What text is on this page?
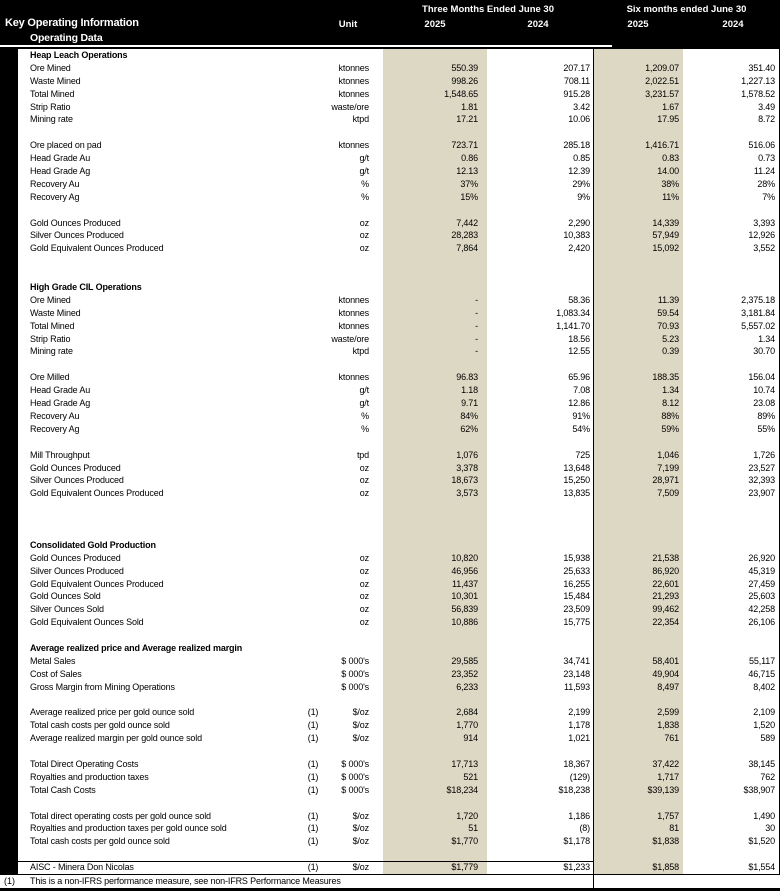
Key Operating Information
Operating Data
Unit
Three Months Ended June 30	Six months ended June 30
2025	2024	2025	2024
Heap Leach Operations
Ore Mined	ktonnes	550.39	207.17	1,209.07	351.40
Waste Mined	ktonnes	998.26	708.11	2,022.51	1,227.13
Total Mined	ktonnes	1,548.65	915.28	3,231.57	1,578.52
Strip Ratio	waste/ore	1.81	3.42	1.67	3.49
Mining rate	ktpd	17.21	10.06	17.95	8.72
Ore placed on pad	ktonnes	723.71	285.18	1,416.71	516.06
Head Grade Au	g/t	0.86	0.85	0.83	0.73
Head Grade Ag	g/t	12.13	12.39	14.00	11.24
Recovery Au	%	37%	29%	38%	28%
Recovery Ag	%	15%	9%	11%	7%
Gold Ounces Produced	oz	7,442	2,290	14,339	3,393
Silver Ounces Produced	oz	28,283	10,383	57,949	12,926
Gold Equivalent Ounces Produced	oz	7,864	2,420	15,092	3,552
High Grade CIL Operations
Ore Mined	ktonnes	-	58.36	11.39	2,375.18
Waste Mined	ktonnes	-	1,083.34	59.54	3,181.84
Total Mined	ktonnes	-	1,141.70	70.93	5,557.02
Strip Ratio	waste/ore	-	18.56	5.23	1.34
Mining rate	ktpd	-	12.55	0.39	30.70
Ore Milled	ktonnes	96.83	65.96	188.35	156.04
Head Grade Au	g/t	1.18	7.08	1.34	10.74
Head Grade Ag	g/t	9.71	12.86	8.12	23.08
Recovery Au	%	84%	91%	88%	89%
Recovery Ag	%	62%	54%	59%	55%
Mill Throughput	tpd	1,076	725	1,046	1,726
Gold Ounces Produced	oz	3,378	13,648	7,199	23,527
Silver Ounces Produced	oz	18,673	15,250	28,971	32,393
Gold Equivalent Ounces Produced	oz	3,573	13,835	7,509	23,907
Consolidated Gold Production
Gold Ounces Produced	oz	10,820	15,938	21,538	26,920
Silver Ounces Produced	oz	46,956	25,633	86,920	45,319
Gold Equivalent Ounces Produced	oz	11,437	16,255	22,601	27,459
Gold Ounces Sold	oz	10,301	15,484	21,293	25,603
Silver Ounces Sold	oz	56,839	23,509	99,462	42,258
Gold Equivalent Ounces Sold	oz	10,886	15,775	22,354	26,106
Average realized price and Average realized margin
Metal Sales	$ 000's	29,585	34,741	58,401	55,117
Cost of Sales	$ 000's	23,352	23,148	49,904	46,715
Gross Margin from Mining Operations	$ 000's	6,233	11,593	8,497	8,402
Average realized price per gold ounce sold	(1)	$/oz	2,684	2,199	2,599	2,109
Total cash costs per gold ounce sold	(1)	$/oz	1,770	1,178	1,838	1,520
Average realized margin per gold ounce sold	(1)	$/oz	914	1,021	761	589
Total Direct Operating Costs	(1)	$ 000's	17,713	18,367	37,422	38,145
Royalties and production taxes	(1)	$ 000's	521	(129)	1,717	762
Total Cash Costs	(1)	$ 000's	$18,234	$18,238	$39,139	$38,907
Total direct operating costs per gold ounce sold	(1)	$/oz	1,720	1,186	1,757	1,490
Royalties and production taxes per gold ounce sold	(1)	$/oz	51	(8)	81	30
Total cash costs per gold ounce sold	(1)	$/oz	$1,770	$1,178	$1,838	$1,520
AISC - Minera Don Nicolas	(1)	$/oz	$1,779	$1,233	$1,858	$1,554
(1) This is a non-IFRS performance measure, see non-IFRS Performance Measures
